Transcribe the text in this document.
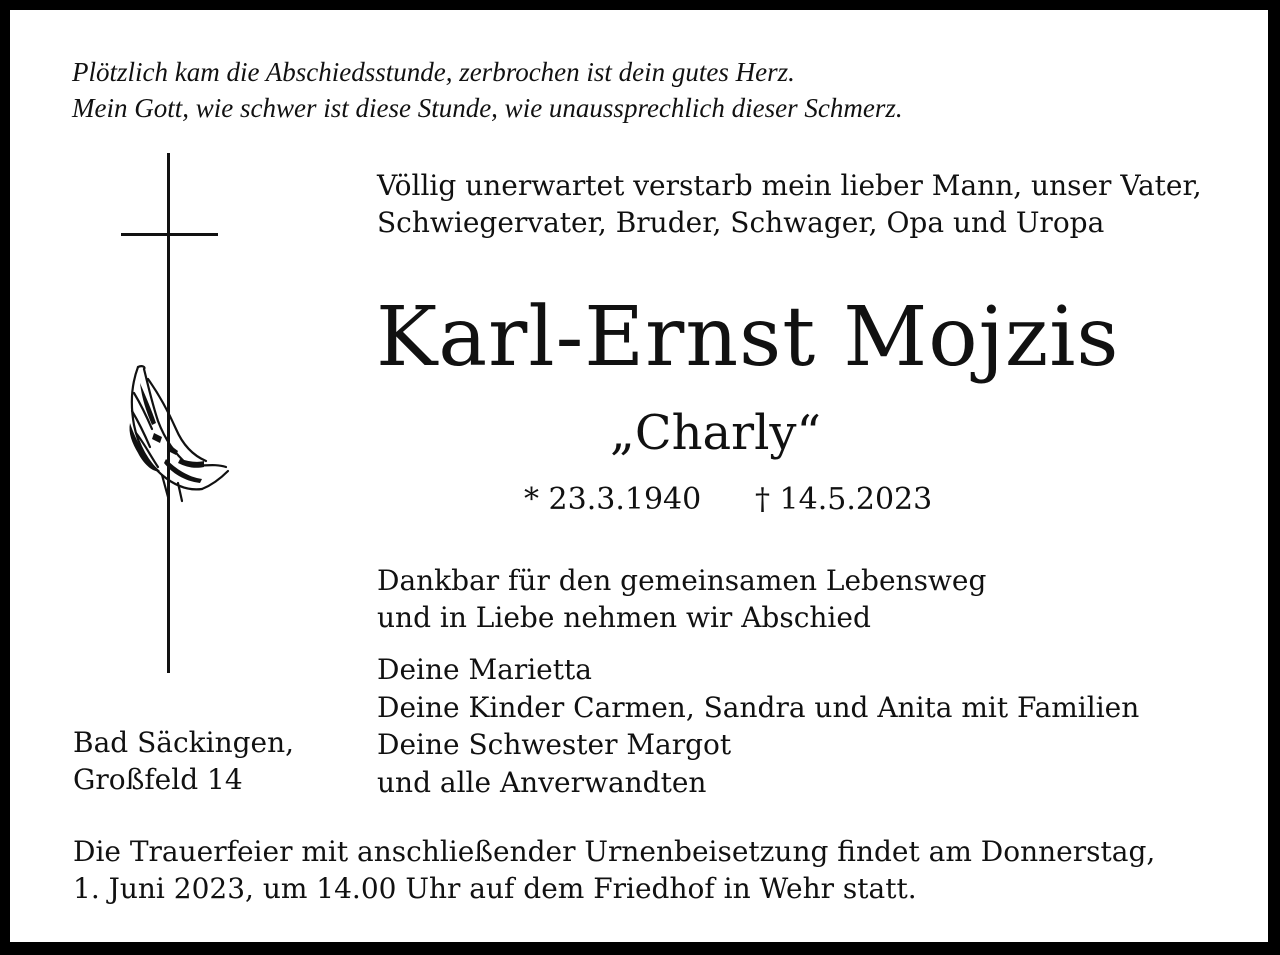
Plötzlich kam die Abschiedsstunde, zerbrochen ist dein gutes Herz.
Mein Gott, wie schwer ist diese Stunde, wie unaussprechlich dieser Schmerz.
Völlig unerwartet verstarb mein lieber Mann, unser Vater,
Schwiegervater, Bruder, Schwager, Opa und Uropa
Karl-Ernst Mojzis
„Charly“
* 23.3.1940 † 14.5.2023
Dankbar für den gemeinsamen Lebensweg
und in Liebe nehmen wir Abschied
Deine Marietta
Deine Kinder Carmen, Sandra und Anita mit Familien
Deine Schwester Margot
und alle Anverwandten
Bad Säckingen,
Großfeld 14
Die Trauerfeier mit anschließender Urnenbeisetzung findet am Donnerstag,
1. Juni 2023, um 14.00 Uhr auf dem Friedhof in Wehr statt.
